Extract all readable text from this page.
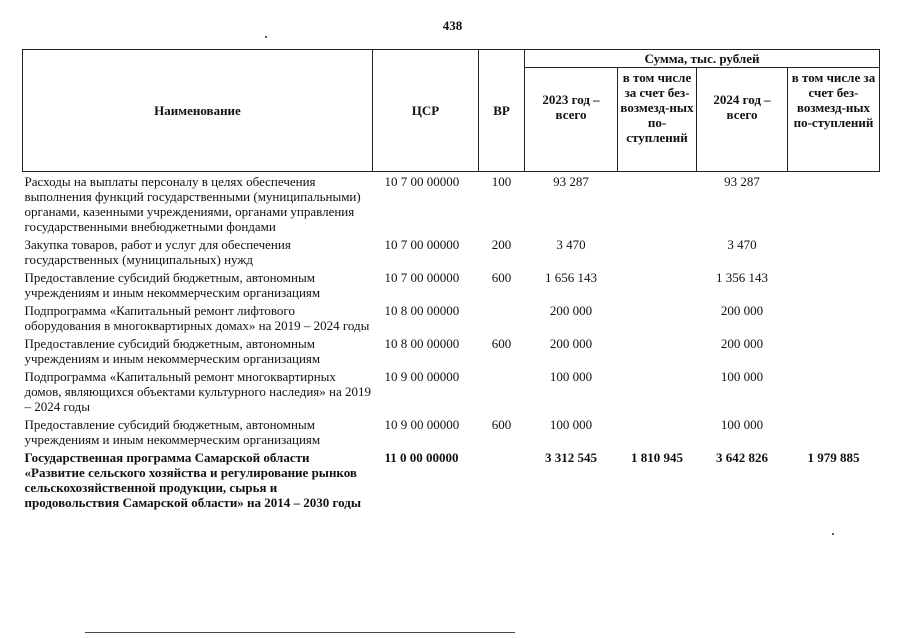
438
Наименование	ЦСР	ВР	Сумма, тыс. рублей			
			2023 год – всего	в том числе за счет без-возмезд-ных по-ступлений	2024 год – всего	в том числе за счет без-возмезд-ных по-ступлений
Расходы на выплаты персоналу в целях обеспечения выполнения функций государственными (муниципальными) органами, казенными учреждениями, органами управления государственными внебюджетными фондами	10 7 00 00000	100	93 287		93 287	
Закупка товаров, работ и услуг для обеспечения государственных (муниципальных) нужд	10 7 00 00000	200	3 470		3 470	
Предоставление субсидий бюджетным, автономным учреждениям и иным некоммерческим организациям	10 7 00 00000	600	1 656 143		1 356 143	
Подпрограмма «Капитальный ремонт лифтового оборудования в многоквартирных домах» на 2019 – 2024 годы	10 8 00 00000		200 000		200 000	
Предоставление субсидий бюджетным, автономным учреждениям и иным некоммерческим организациям	10 8 00 00000	600	200 000		200 000	
Подпрограмма «Капитальный ремонт многоквартирных домов, являющихся объектами культурного наследия» на 2019 – 2024 годы	10 9 00 00000		100 000		100 000	
Предоставление субсидий бюджетным, автономным учреждениям и иным некоммерческим организациям	10 9 00 00000	600	100 000		100 000	
Государственная программа Самарской области «Развитие сельского хозяйства и регулирование рынков сельскохозяйственной продукции, сырья и продовольствия Самарской области» на 2014 – 2030 годы	11 0 00 00000		3 312 545	1 810 945	3 642 826	1 979 885
